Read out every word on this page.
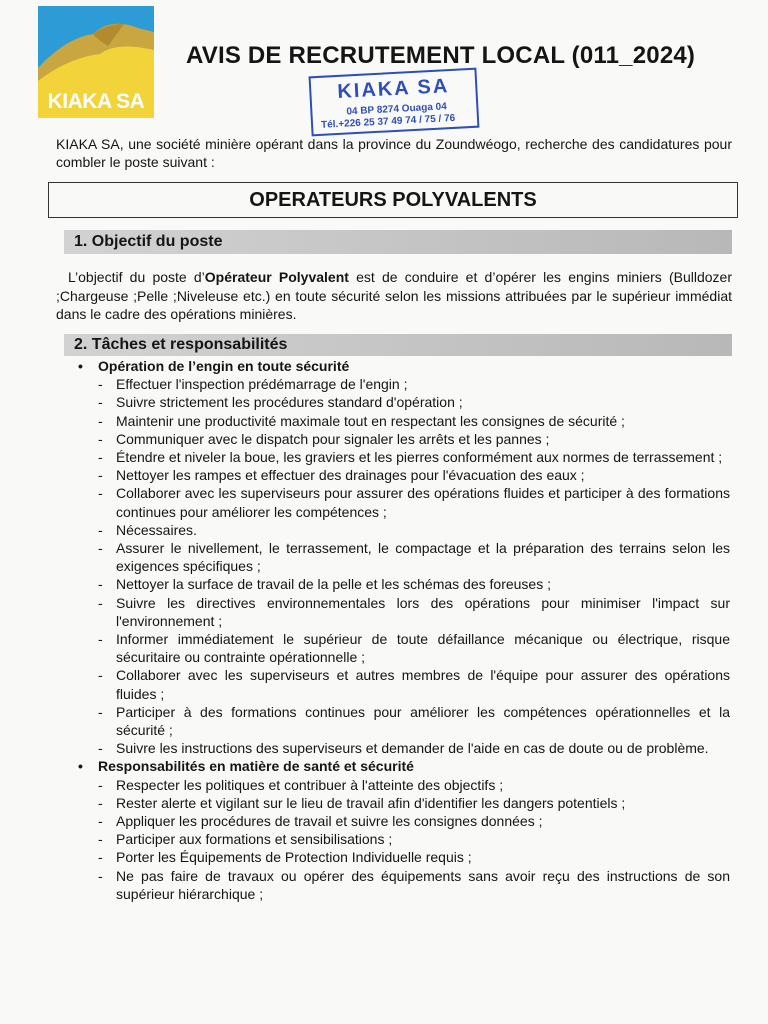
KIAKA SA
AVIS DE RECRUTEMENT LOCAL (011_2024)
KIAKA SA
04 BP 8274 Ouaga 04
Tél.+226 25 37 49 74 / 75 / 76
KIAKA SA, une société minière opérant dans la province du Zoundwéogo, recherche des candidatures pour combler le poste suivant :
OPERATEURS POLYVALENTS
1. Objectif du poste
L’objectif du poste d’Opérateur Polyvalent est de conduire et d’opérer les engins miniers (Bulldozer ;Chargeuse ;Pelle ;Niveleuse etc.) en toute sécurité selon les missions attribuées par le supérieur immédiat dans le cadre des opérations minières.
2. Tâches et responsabilités
• Opération de l’engin en toute sécurité
- Effectuer l'inspection prédémarrage de l'engin ;
- Suivre strictement les procédures standard d'opération ;
- Maintenir une productivité maximale tout en respectant les consignes de sécurité ;
- Communiquer avec le dispatch pour signaler les arrêts et les pannes ;
- Étendre et niveler la boue, les graviers et les pierres conformément aux normes de terrassement ;
- Nettoyer les rampes et effectuer des drainages pour l'évacuation des eaux ;
- Collaborer avec les superviseurs pour assurer des opérations fluides et participer à des formations continues pour améliorer les compétences ;
- Nécessaires.
- Assurer le nivellement, le terrassement, le compactage et la préparation des terrains selon les exigences spécifiques ;
- Nettoyer la surface de travail de la pelle et les schémas des foreuses ;
- Suivre les directives environnementales lors des opérations pour minimiser l'impact sur l'environnement ;
- Informer immédiatement le supérieur de toute défaillance mécanique ou électrique, risque sécuritaire ou contrainte opérationnelle ;
- Collaborer avec les superviseurs et autres membres de l'équipe pour assurer des opérations fluides ;
- Participer à des formations continues pour améliorer les compétences opérationnelles et la sécurité ;
- Suivre les instructions des superviseurs et demander de l'aide en cas de doute ou de problème.
• Responsabilités en matière de santé et sécurité
- Respecter les politiques et contribuer à l'atteinte des objectifs ;
- Rester alerte et vigilant sur le lieu de travail afin d'identifier les dangers potentiels ;
- Appliquer les procédures de travail et suivre les consignes données ;
- Participer aux formations et sensibilisations ;
- Porter les Équipements de Protection Individuelle requis ;
- Ne pas faire de travaux ou opérer des équipements sans avoir reçu des instructions de son supérieur hiérarchique ;
